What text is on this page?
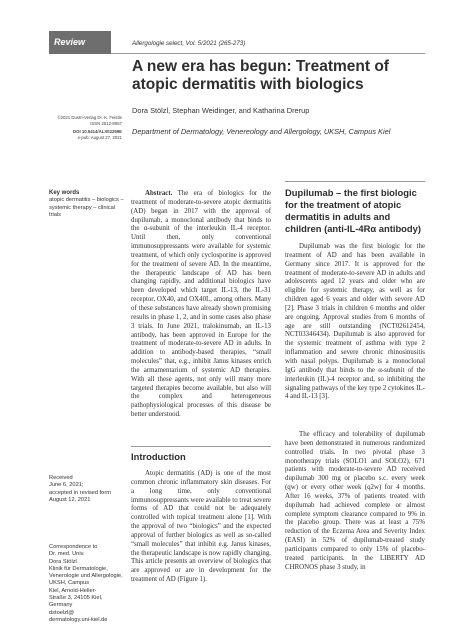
Review	Allergologie select, Vol. 5/2021 (265-273)
A new era has begun: Treatment of atopic dermatitis with biologics
Dora Stölzl, Stephan Weidinger, and Katharina Drerup
Department of Dermatology, Venereology and Allergology, UKSH, Campus Kiel
©2021 Dustri-Verlag Dr. K. Feistle
ISSN 2512-8957
DOI 10.5414/ALX02259E
e-pub: August 27, 2021
Key words
atopic dermatitis – biologics – systemic therapy – clinical trials
Received
June 6, 2021;
accepted in revised form
August 12, 2021
Correspondence to
Dr. med. Univ.
Dora Stölzl
Klinik für Dermatologie,
Venerologie und Allergologie, UKSH, Campus
Kiel, Arnold-Heller-
Straße 3, 24105 Kiel,
Germany
dstoelzl@
dermatology.uni-kiel.de

Abstract. The era of biologics for the treatment of moderate-to-severe atopic dermatitis (AD) began in 2017 with the approval of dupilumab, a monoclonal antibody that binds to the α-subunit of the interleukin IL-4 receptor. Until then, only conventional immunosuppressants were available for systemic treatment, of which only cyclosporine is approved for the treatment of severe AD. In the meantime, the therapeutic landscape of AD has been changing rapidly, and additional biologics have been developed which target IL-13, the IL-31 receptor, OX40, and OX40L, among others. Many of these substances have already shown promising results in phase 1, 2, and in some cases also phase 3 trials. In June 2021, tralokinumab, an IL-13 antibody, has been approved in Europe for the treatment of moderate-to-severe AD in adults. In addition to antibody-based therapies, “small molecules” that, e.g., inhibit Janus kinases enrich the armamentarium of systemic AD therapies. With all these agents, not only will many more targeted therapies become available, but also will the complex and heterogeneous pathophysiological processes of this disease be better understood.

Introduction

Atopic dermatitis (AD) is one of the most common chronic inflammatory skin diseases. For a long time, only conventional immunosuppressants were available to treat severe forms of AD that could not be adequately controlled with topical treatment alone [1]. With the approval of two “biologics” and the expected approval of further biologics as well as so-called “small molecules” that inhibit e.g. Janus kinases, the therapeutic landscape is now rapidly changing. This article presents an overview of biologics that are approved or are in development for the treatment of AD (Figure 1).

Dupilumab – the first biologic for the treatment of atopic dermatitis in adults and children (anti-IL-4Rα antibody)

Dupilumab was the first biologic for the treatment of AD and has been available in Germany since 2017. It is approved for the treatment of moderate-to-severe AD in adults and adolescents aged 12 years and older who are eligible for systemic therapy, as well as for children aged 6 years and older with severe AD [2]. Phase 3 trials in children 6 months and older are ongoing. Approval studies from 6 months of age are still outstanding (NCT02612454, NCT03346434). Dupilumab is also approved for the systemic treatment of asthma with type 2 inflammation and severe chronic rhinosinusitis with nasal polyps. Dupilumab is a monoclonal IgG antibody that binds to the α-subunit of the interleukin (IL)-4 receptor and, so inhibiting the signaling pathways of the key type 2 cytokines IL-4 and IL-13 [3].

The efficacy and tolerability of dupilumab have been demonstrated in numerous randomized controlled trials. In two pivotal phase 3 monotherapy trials (SOLO1 and SOLO2), 671 patients with moderate-to-severe AD received dupilumab 300 mg or placebo s.c. every week (qw) or every other week (q2w) for 4 months. After 16 weeks, 37% of patients treated with dupilumab had achieved complete or almost complete symptom clearance compared to 9% in the placebo group. There was at least a 75% reduction of the Eczema Area and Severity Index (EASI) in 52% of dupilumab-treated study participants compared to only 15% of placebo-treated participants. In the LIBERTY AD CHRONOS phase 3 study, in
